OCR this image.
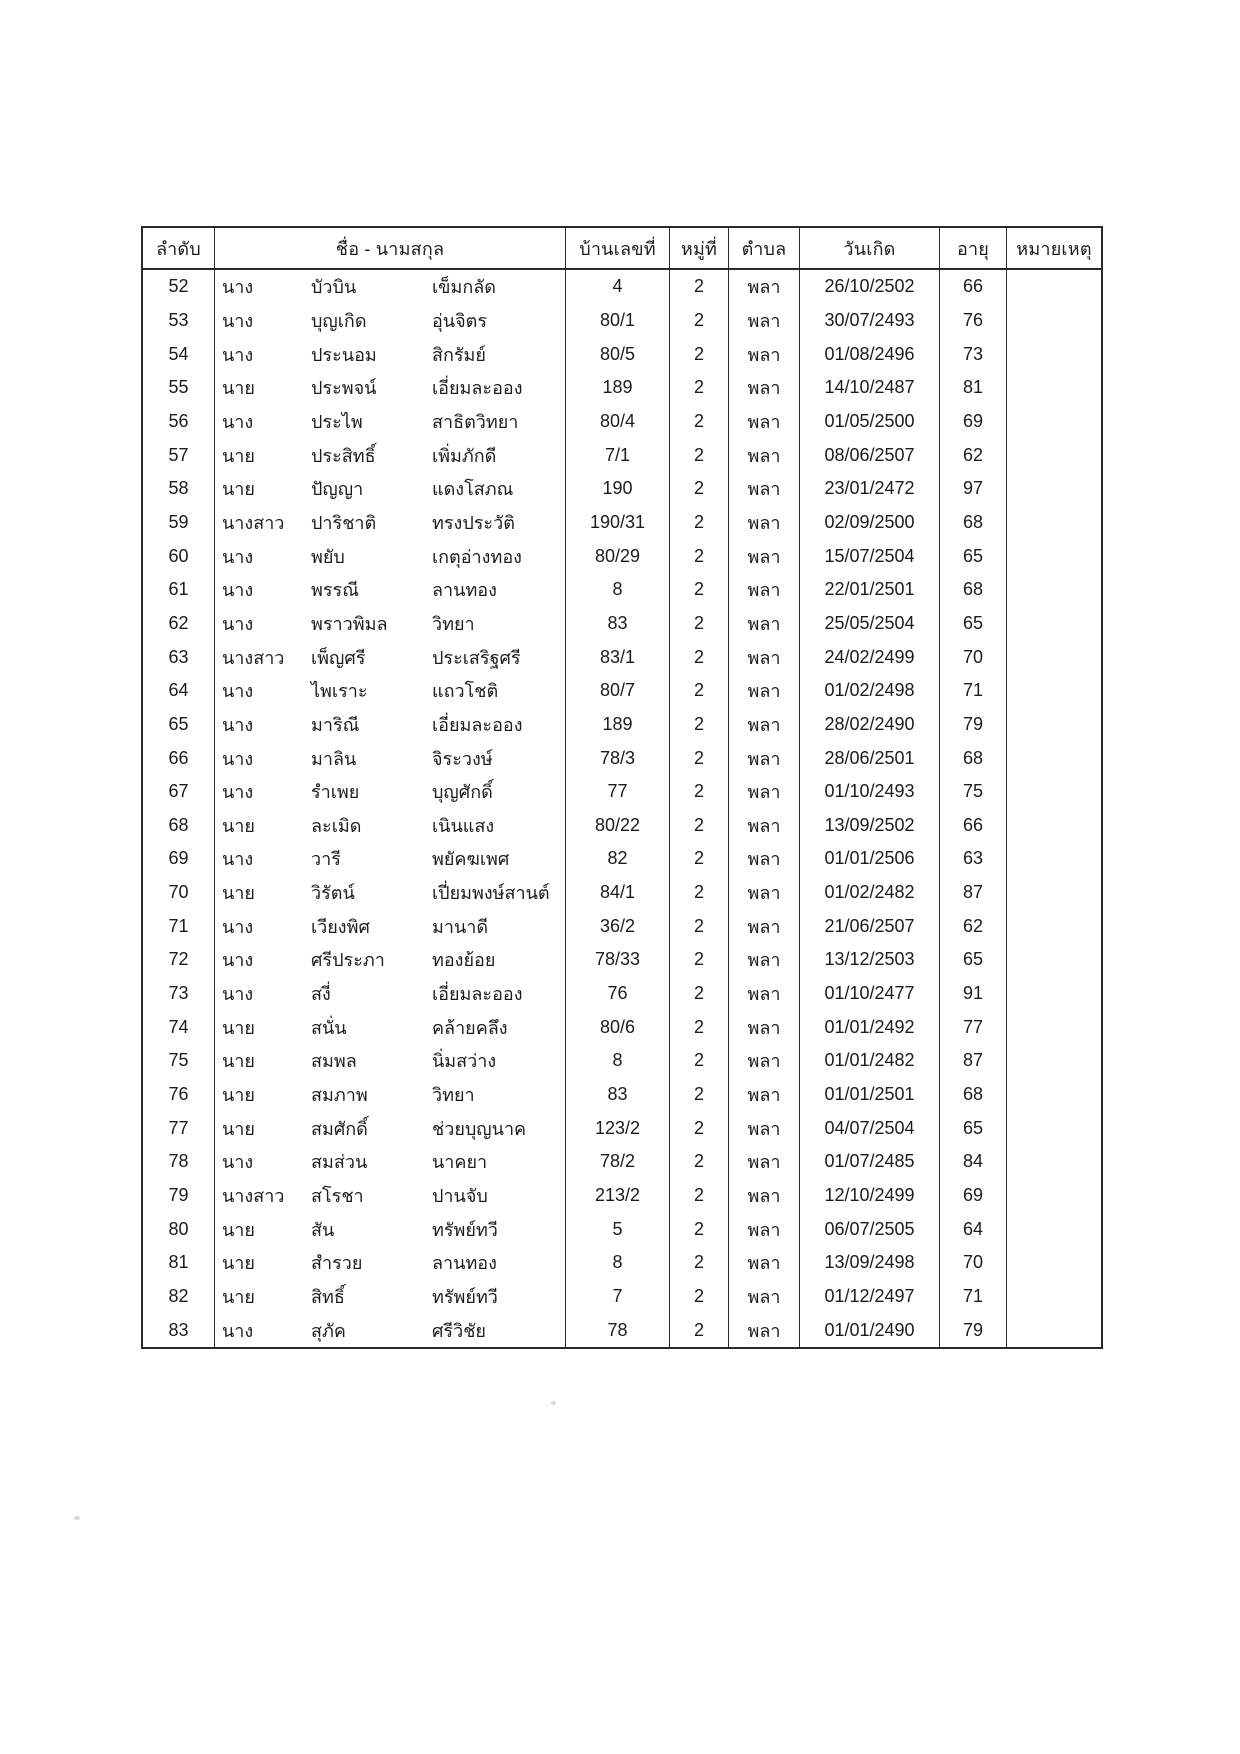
ลำดับ	ชื่อ - นามสกุล	บ้านเลขที่	หมู่ที่	ตำบล	วันเกิด	อายุ	หมายเหตุ
52	นาง	บัวบิน	เข็มกลัด	4	2	พลา	26/10/2502	66
53	นาง	บุญเกิด	อุ่นจิตร	80/1	2	พลา	30/07/2493	76
54	นาง	ประนอม	สิกรัมย์	80/5	2	พลา	01/08/2496	73
55	นาย	ประพจน์	เอี่ยมละออง	189	2	พลา	14/10/2487	81
56	นาง	ประไพ	สาธิตวิทยา	80/4	2	พลา	01/05/2500	69
57	นาย	ประสิทธิ์	เพิ่มภักดี	7/1	2	พลา	08/06/2507	62
58	นาย	ปัญญา	แดงโสภณ	190	2	พลา	23/01/2472	97
59	นางสาว	ปาริชาติ	ทรงประวัติ	190/31	2	พลา	02/09/2500	68
60	นาง	พยับ	เกตุอ่างทอง	80/29	2	พลา	15/07/2504	65
61	นาง	พรรณี	ลานทอง	8	2	พลา	22/01/2501	68
62	นาง	พราวพิมล	วิทยา	83	2	พลา	25/05/2504	65
63	นางสาว	เพ็ญศรี	ประเสริฐศรี	83/1	2	พลา	24/02/2499	70
64	นาง	ไพเราะ	แถวโชติ	80/7	2	พลา	01/02/2498	71
65	นาง	มาริณี	เอี่ยมละออง	189	2	พลา	28/02/2490	79
66	นาง	มาลิน	จิระวงษ์	78/3	2	พลา	28/06/2501	68
67	นาง	รำเพย	บุญศักดิ์	77	2	พลา	01/10/2493	75
68	นาย	ละเมิด	เนินแสง	80/22	2	พลา	13/09/2502	66
69	นาง	วารี	พยัคฆเพศ	82	2	พลา	01/01/2506	63
70	นาย	วิรัตน์	เปี่ยมพงษ์สานต์	84/1	2	พลา	01/02/2482	87
71	นาง	เวียงพิศ	มานาดี	36/2	2	พลา	21/06/2507	62
72	นาง	ศรีประภา	ทองย้อย	78/33	2	พลา	13/12/2503	65
73	นาง	สงี่	เอี่ยมละออง	76	2	พลา	01/10/2477	91
74	นาย	สนั่น	คล้ายคลึง	80/6	2	พลา	01/01/2492	77
75	นาย	สมพล	นิ่มสว่าง	8	2	พลา	01/01/2482	87
76	นาย	สมภาพ	วิทยา	83	2	พลา	01/01/2501	68
77	นาย	สมศักดิ์	ช่วยบุญนาค	123/2	2	พลา	04/07/2504	65
78	นาง	สมส่วน	นาคยา	78/2	2	พลา	01/07/2485	84
79	นางสาว	สโรชา	ปานจับ	213/2	2	พลา	12/10/2499	69
80	นาย	สัน	ทรัพย์ทวี	5	2	พลา	06/07/2505	64
81	นาย	สำรวย	ลานทอง	8	2	พลา	13/09/2498	70
82	นาย	สิทธิ์	ทรัพย์ทวี	7	2	พลา	01/12/2497	71
83	นาง	สุภัค	ศรีวิชัย	78	2	พลา	01/01/2490	79
